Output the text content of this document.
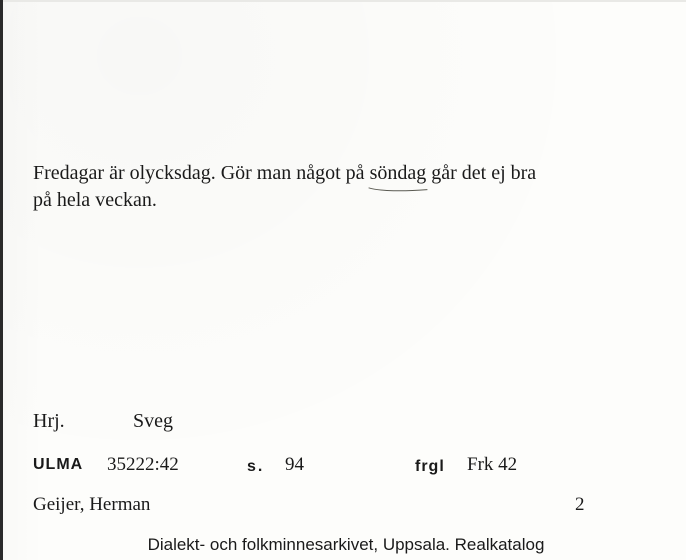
Fredagar är olycksdag. Gör man något på söndag
går det ej bra
på hela veckan.
Hrj.	Sveg
ULMA 35222:42	s. 94	frgl Frk 42
Geijer, Herman	2
Dialekt- och folkminnesarkivet, Uppsala. Realkatalog
